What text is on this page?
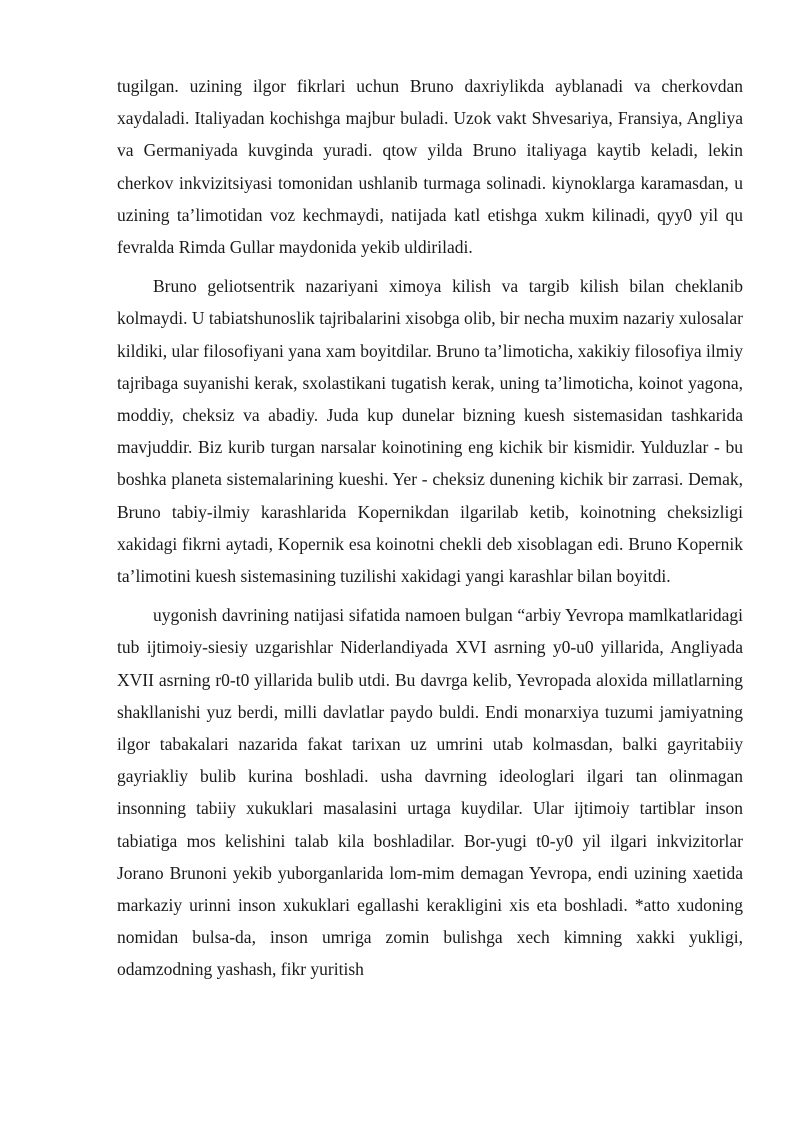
tugilgan. uzining ilgor fikrlari uchun Bruno daxriylikda ayblanadi va cherkovdan xaydaladi. Italiyadan kochishga majbur buladi. Uzok vakt Shvesariya, Fransiya, Angliya va Germaniyada kuvginda yuradi. qtow yilda Bruno italiyaga kaytib keladi, lekin cherkov inkvizitsiyasi tomonidan ushlanib turmaga solinadi. kiynoklarga karamasdan, u uzining ta’limotidan voz kechmaydi, natijada katl etishga xukm kilinadi, qyy0 yil qu fevralda Rimda Gullar maydonida yekib uldiriladi.

Bruno geliotsentrik nazariyani ximoya kilish va targib kilish bilan cheklanib kolmaydi. U tabiatshunoslik tajribalarini xisobga olib, bir necha muxim nazariy xulosalar kildiki, ular filosofiyani yana xam boyitdilar. Bruno ta’limoticha, xakikiy filosofiya ilmiy tajribaga suyanishi kerak, sxolastikani tugatish kerak, uning ta’limoticha, koinot yagona, moddiy, cheksiz va abadiy. Juda kup dunelar bizning kuesh sistemasidan tashkarida mavjuddir. Biz kurib turgan narsalar koinotining eng kichik bir kismidir. Yulduzlar - bu boshka planeta sistemalarining kueshi. Yer - cheksiz dunening kichik bir zarrasi. Demak, Bruno tabiy-ilmiy karashlarida Kopernikdan ilgarilab ketib, koinotning cheksizligi xakidagi fikrni aytadi, Kopernik esa koinotni chekli deb xisoblagan edi. Bruno Kopernik ta’limotini kuesh sistemasining tuzilishi xakidagi yangi karashlar bilan boyitdi.

uygonish davrining natijasi sifatida namoen bulgan “arbiy Yevropa mamlkatlaridagi tub ijtimoiy-siesiy uzgarishlar Niderlandiyada XVI asrning y0-u0 yillarida, Angliyada XVII asrning r0-t0 yillarida bulib utdi. Bu davrga kelib, Yevropada aloxida millatlarning shakllanishi yuz berdi, milli davlatlar paydo buldi. Endi monarxiya tuzumi jamiyatning ilgor tabakalari nazarida fakat tarixan uz umrini utab kolmasdan, balki gayritabiiy gayriakliy bulib kurina boshladi. usha davrning ideologlari ilgari tan olinmagan insonning tabiiy xukuklari masalasini urtaga kuydilar. Ular ijtimoiy tartiblar inson tabiatiga mos kelishini talab kila boshladilar. Bor-yugi t0-y0 yil ilgari inkvizitorlar Jorano Brunoni yekib yuborganlarida lom-mim demagan Yevropa, endi uzining xaetida markaziy urinni inson xukuklari egallashi kerakligini xis eta boshladi. *atto xudoning nomidan bulsa-da, inson umriga zomin bulishga xech kimning xakki yukligi, odamzodning yashash, fikr yuritish
